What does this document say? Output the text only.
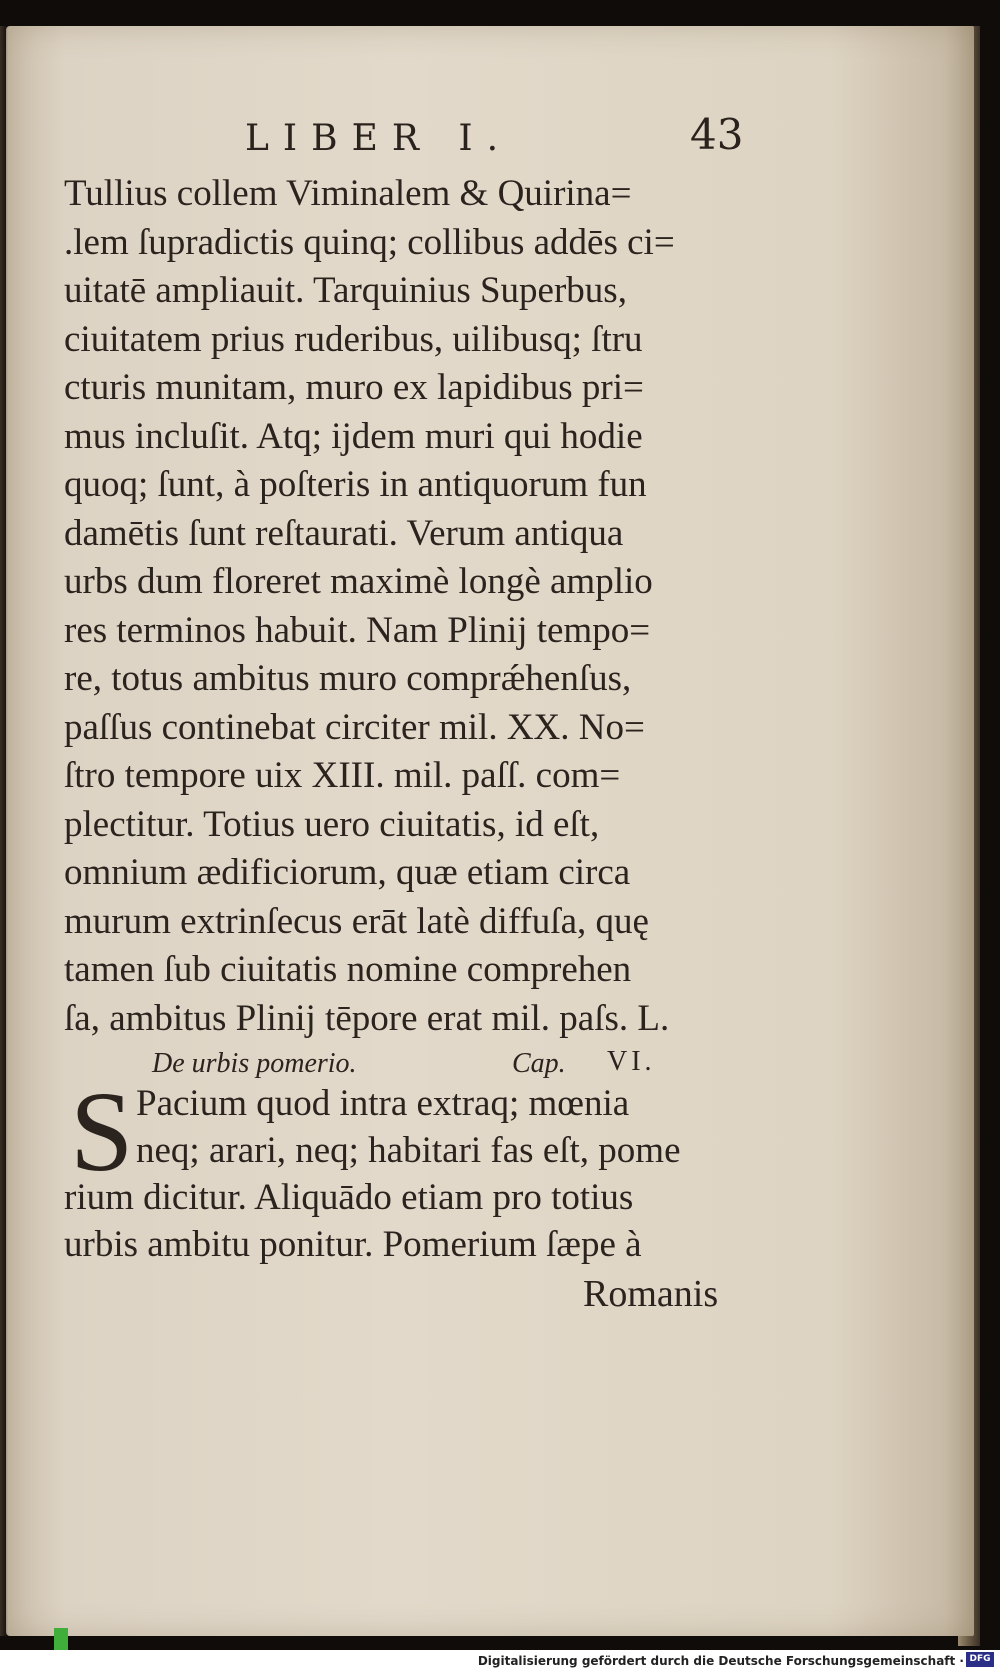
LIBER I.	43
Tullius collem Viminalem & Quirina=
.lem ſupradictis quinq; collibus addēs ci=
uitatē ampliauit. Tarquinius Superbus,
ciuitatem prius ruderibus, uilibusq; ſtru
cturis munitam, muro ex lapidibus pri=
mus incluſit. Atq; ijdem muri qui hodie
quoq; ſunt, à poſteris in antiquorum fun
damētis ſunt reſtaurati. Verum antiqua
urbs dum floreret maximè longè amplio
res terminos habuit. Nam Plinij tempo=
re, totus ambitus muro comprǽhenſus,
paſſus continebat circiter mil. XX. No=
ſtro tempore uix XIII. mil. paſſ. com=
plectitur. Totius uero ciuitatis, id eſt,
omnium ædificiorum, quæ etiam circa
murum extrinſecus erāt latè diffuſa, quę
tamen ſub ciuitatis nomine comprehen
ſa, ambitus Plinij tēpore erat mil. paſs. L.
De urbis pomerio.	Cap. VI.
S Pacium quod intra extraq; mœnia
neq; arari, neq; habitari fas eſt, pome
rium dicitur. Aliquādo etiam pro totius
urbis ambitu ponitur. Pomerium ſæpe à
Romanis
Digitalisierung gefördert durch die Deutsche Forschungsgemeinschaft · DFG
